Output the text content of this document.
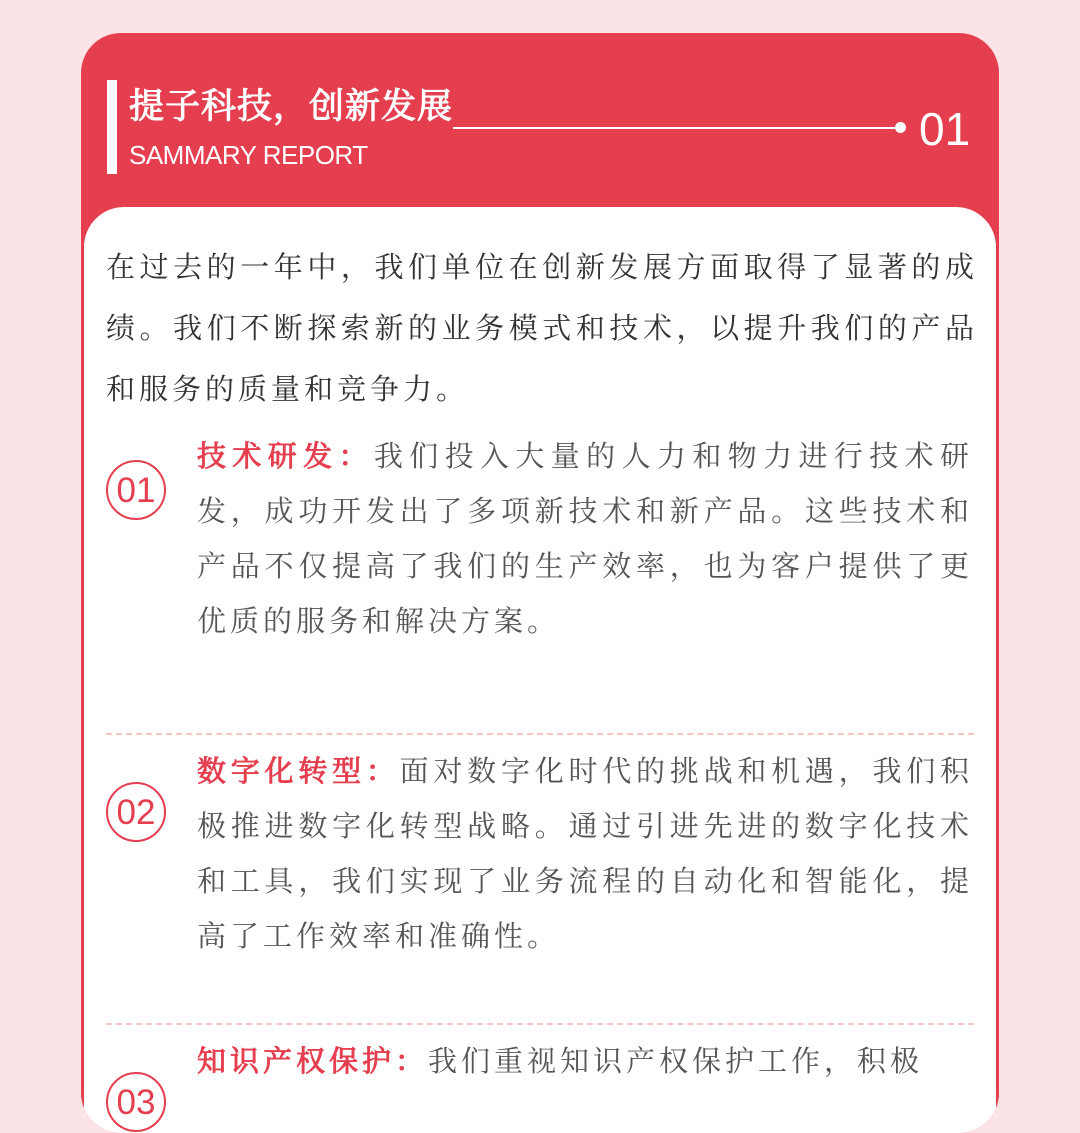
提子科技，创新发展
SAMMARY REPORT	01

在过去的一年中，我们单位在创新发展方面取得了显著的成绩。我们不断探索新的业务模式和技术，以提升我们的产品和服务的质量和竞争力。

01

技术研发：我们投入大量的人力和物力进行技术研发，成功开发出了多项新技术和新产品。这些技术和产品不仅提高了我们的生产效率，也为客户提供了更优质的服务和解决方案。

02

数字化转型：面对数字化时代的挑战和机遇，我们积极推进数字化转型战略。通过引进先进的数字化技术和工具，我们实现了业务流程的自动化和智能化，提高了工作效率和准确性。

03

知识产权保护：我们重视知识产权保护工作，积极
